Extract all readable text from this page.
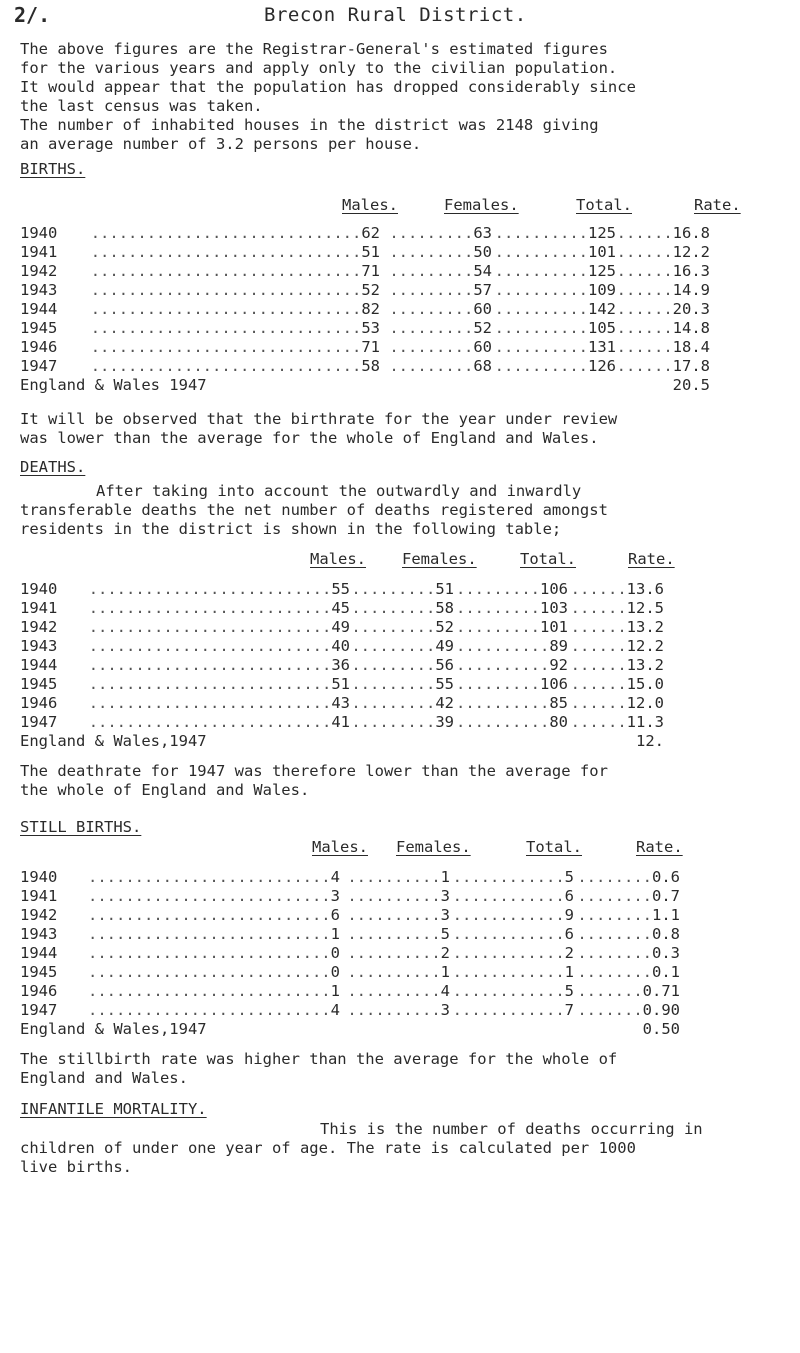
2/.	Brecon Rural District.

The above figures are the Registrar-General's estimated figures
for the various years and apply only to the civilian population.
It would appear that the population has dropped considerably since
the last census was taken.
The number of inhabited houses in the district was 2148 giving
an average number of 3.2 persons per house.

BIRTHS.

Males.	Females.	Total.	Rate.
1940	.............................62	.........63	..........125	......16.8
1941	.............................51	.........50	..........101	......12.2
1942	.............................71	.........54	..........125	......16.3
1943	.............................52	.........57	..........109	......14.9
1944	.............................82	.........60	..........142	......20.3
1945	.............................53	.........52	..........105	......14.8
1946	.............................71	.........60	..........131	......18.4
1947	.............................58	.........68	..........126	......17.8
England & Wales 1947				20.5

It will be observed that the birthrate for the year under review
was lower than the average for the whole of England and Wales.

DEATHS.

After taking into account the outwardly and inwardly
transferable deaths the net number of deaths registered amongst
residents in the district is shown in the following table;

Males.	Females.	Total.	Rate.
1940	..........................55	.........51	.........106	......13.6
1941	..........................45	.........58	.........103	......12.5
1942	..........................49	.........52	.........101	......13.2
1943	..........................40	.........49	..........89	......12.2
1944	..........................36	.........56	..........92	......13.2
1945	..........................51	.........55	.........106	......15.0
1946	..........................43	.........42	..........85	......12.0
1947	..........................41	.........39	..........80	......11.3
England & Wales,1947				12.

The deathrate for 1947 was therefore lower than the average for
the whole of England and Wales.

STILL BIRTHS.

Males.	Females.	Total.	Rate.
1940	..........................4	..........1	............5	........0.6
1941	..........................3	..........3	............6	........0.7
1942	..........................6	..........3	............9	........1.1
1943	..........................1	..........5	............6	........0.8
1944	..........................0	..........2	............2	........0.3
1945	..........................0	..........1	............1	........0.1
1946	..........................1	..........4	............5	.......0.71
1947	..........................4	..........3	............7	.......0.90
England & Wales,1947				0.50

The stillbirth rate was higher than the average for the whole of
England and Wales.

INFANTILE MORTALITY.

This is the number of deaths occurring in
children of under one year of age. The rate is calculated per 1000
live births.
